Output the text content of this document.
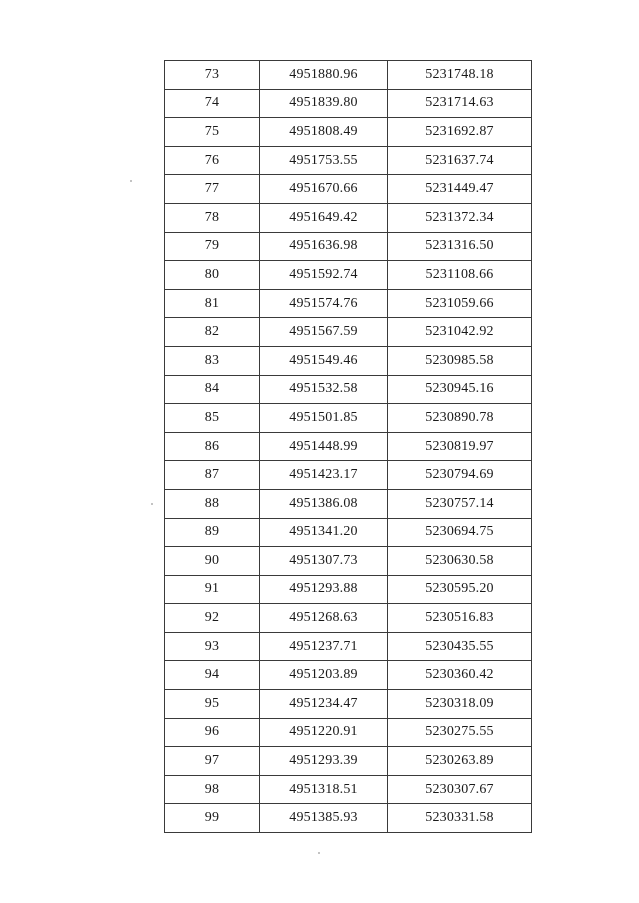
73	4951880.96	5231748.18
74	4951839.80	5231714.63
75	4951808.49	5231692.87
76	4951753.55	5231637.74
77	4951670.66	5231449.47
78	4951649.42	5231372.34
79	4951636.98	5231316.50
80	4951592.74	5231108.66
81	4951574.76	5231059.66
82	4951567.59	5231042.92
83	4951549.46	5230985.58
84	4951532.58	5230945.16
85	4951501.85	5230890.78
86	4951448.99	5230819.97
87	4951423.17	5230794.69
88	4951386.08	5230757.14
89	4951341.20	5230694.75
90	4951307.73	5230630.58
91	4951293.88	5230595.20
92	4951268.63	5230516.83
93	4951237.71	5230435.55
94	4951203.89	5230360.42
95	4951234.47	5230318.09
96	4951220.91	5230275.55
97	4951293.39	5230263.89
98	4951318.51	5230307.67
99	4951385.93	5230331.58
